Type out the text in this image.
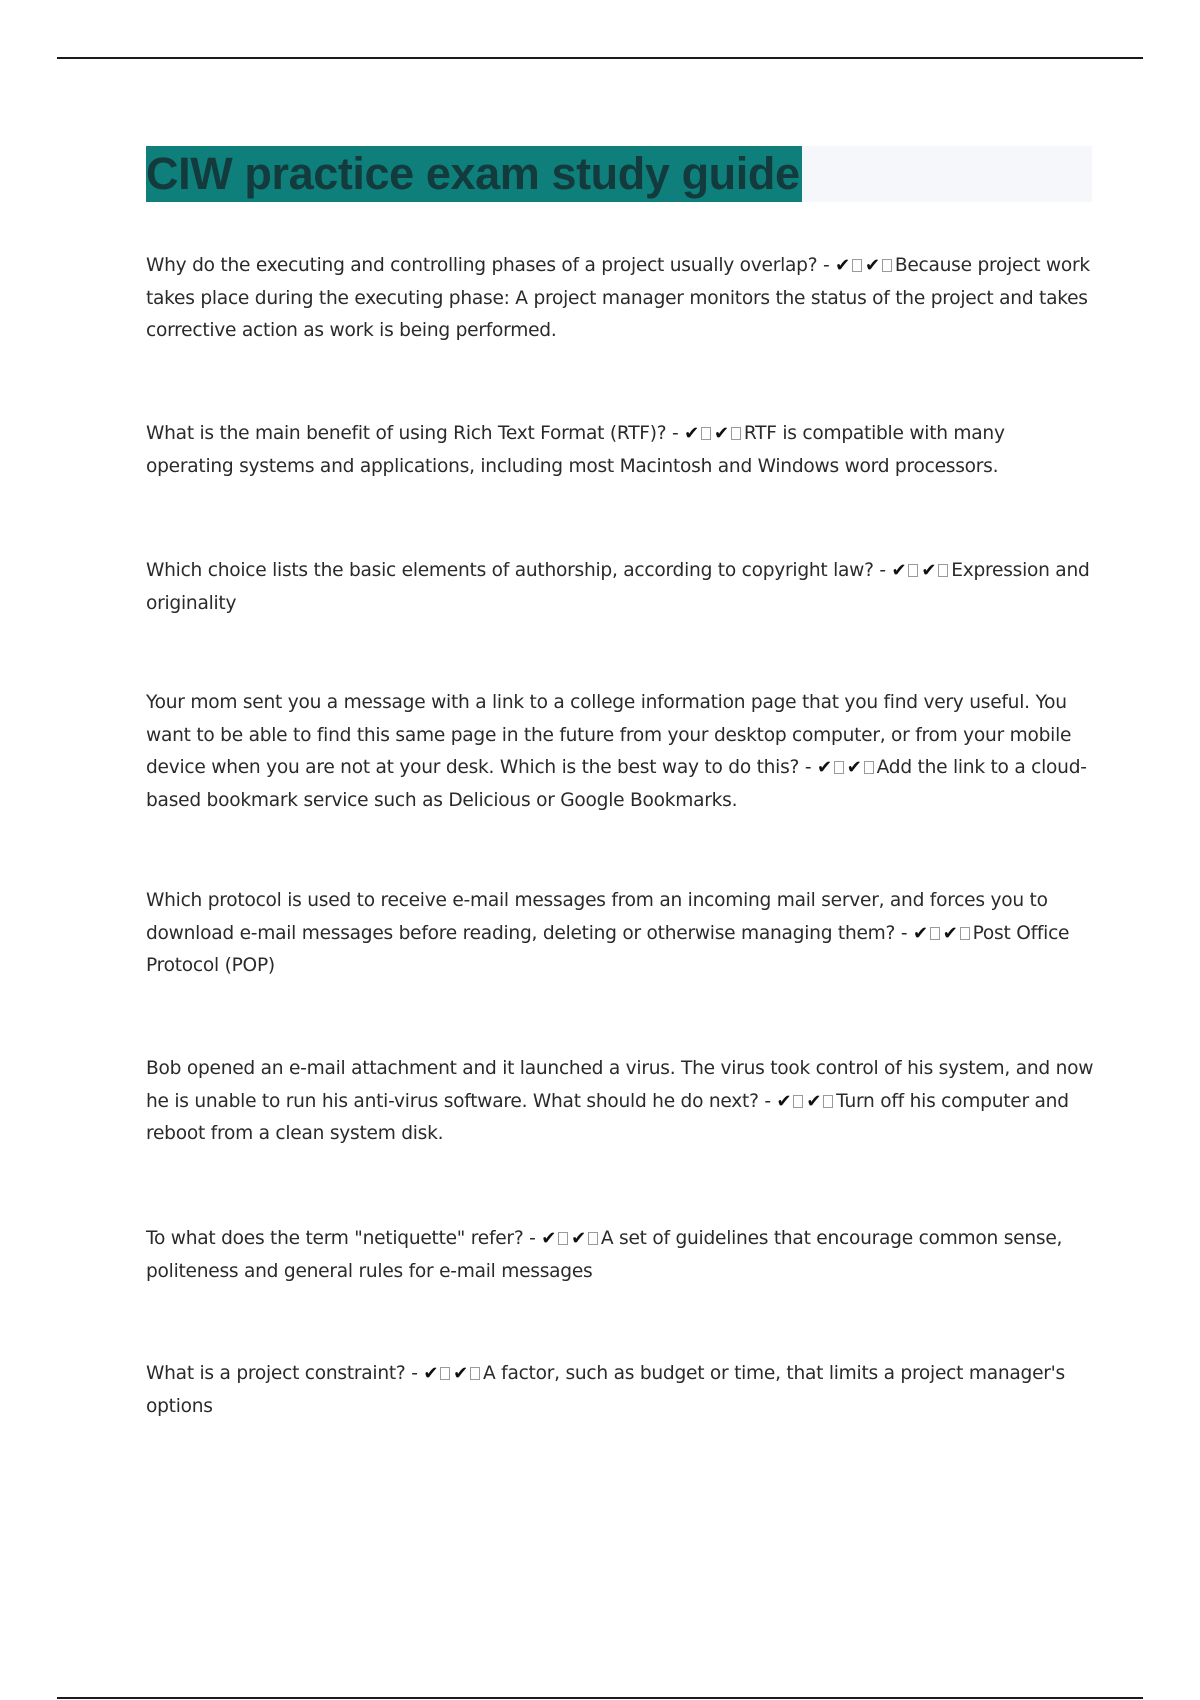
CIW practice exam study guide
Why do the executing and controlling phases of a project usually overlap? - ✔ ✔ Because project work takes place during the executing phase: A project manager monitors the status of the project and takes corrective action as work is being performed.
What is the main benefit of using Rich Text Format (RTF)? - ✔ ✔ RTF is compatible with many operating systems and applications, including most Macintosh and Windows word processors.
Which choice lists the basic elements of authorship, according to copyright law? - ✔ ✔ Expression and originality
Your mom sent you a message with a link to a college information page that you find very useful. You want to be able to find this same page in the future from your desktop computer, or from your mobile device when you are not at your desk. Which is the best way to do this? - ✔ ✔ Add the link to a cloud-based bookmark service such as Delicious or Google Bookmarks.
Which protocol is used to receive e-mail messages from an incoming mail server, and forces you to download e-mail messages before reading, deleting or otherwise managing them? - ✔ ✔ Post Office Protocol (POP)
Bob opened an e-mail attachment and it launched a virus. The virus took control of his system, and now he is unable to run his anti-virus software. What should he do next? - ✔ ✔ Turn off his computer and reboot from a clean system disk.
To what does the term "netiquette" refer? - ✔ ✔ A set of guidelines that encourage common sense, politeness and general rules for e-mail messages
What is a project constraint? - ✔ ✔ A factor, such as budget or time, that limits a project manager's options
